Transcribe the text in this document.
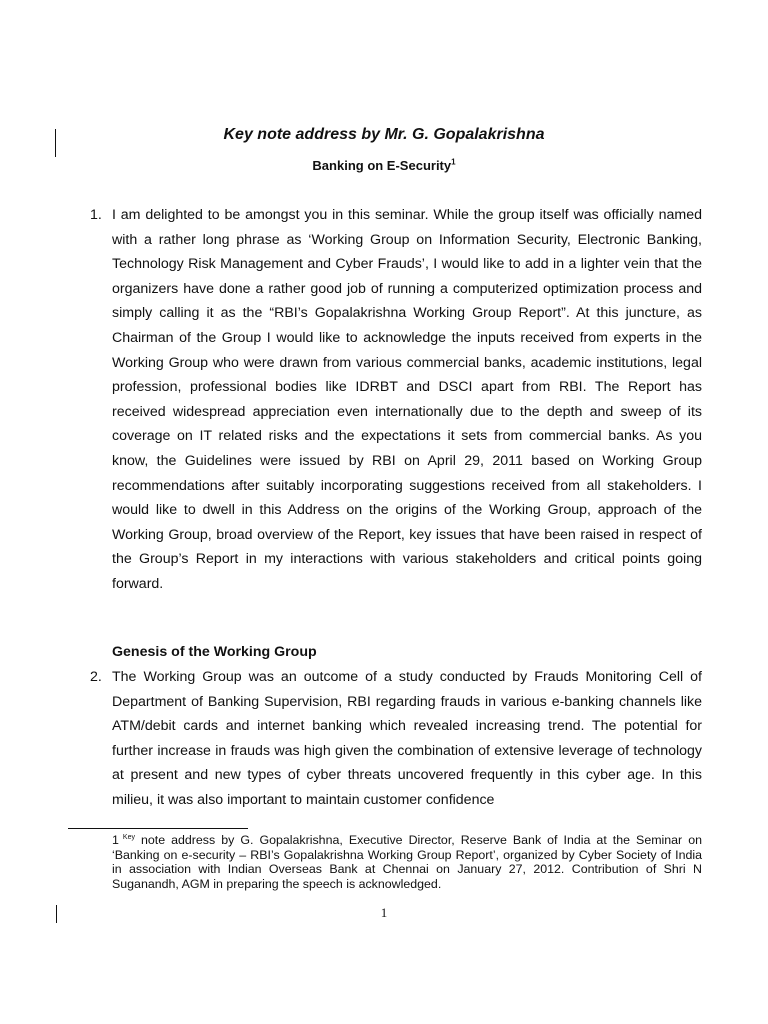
Key note address by Mr. G. Gopalakrishna
Banking on E-Security$^1$
1. I am delighted to be amongst you in this seminar. While the group itself was officially named with a rather long phrase as ‘Working Group on Information Security, Electronic Banking, Technology Risk Management and Cyber Frauds’, I would like to add in a lighter vein that the organizers have done a rather good job of running a computerized optimization process and simply calling it as the “RBI’s Gopalakrishna Working Group Report”. At this juncture, as Chairman of the Group I would like to acknowledge the inputs received from experts in the Working Group who were drawn from various commercial banks, academic institutions, legal profession, professional bodies like IDRBT and DSCI apart from RBI. The Report has received widespread appreciation even internationally due to the depth and sweep of its coverage on IT related risks and the expectations it sets from commercial banks. As you know, the Guidelines were issued by RBI on April 29, 2011 based on Working Group recommendations after suitably incorporating suggestions received from all stakeholders. I would like to dwell in this Address on the origins of the Working Group, approach of the Working Group, broad overview of the Report, key issues that have been raised in respect of the Group’s Report in my interactions with various stakeholders and critical points going forward.
Genesis of the Working Group
2. The Working Group was an outcome of a study conducted by Frauds Monitoring Cell of Department of Banking Supervision, RBI regarding frauds in various e-banking channels like ATM/debit cards and internet banking which revealed increasing trend. The potential for further increase in frauds was high given the combination of extensive leverage of technology at present and new types of cyber threats uncovered frequently in this cyber age. In this milieu, it was also important to maintain customer confidence
1 $^{Key}$ note address by G. Gopalakrishna, Executive Director, Reserve Bank of India at the Seminar on ‘Banking on e-security – RBI’s Gopalakrishna Working Group Report’, organized by Cyber Society of India in association with Indian Overseas Bank at Chennai on January 27, 2012. Contribution of Shri N Suganandh, AGM in preparing the speech is acknowledged.
1
